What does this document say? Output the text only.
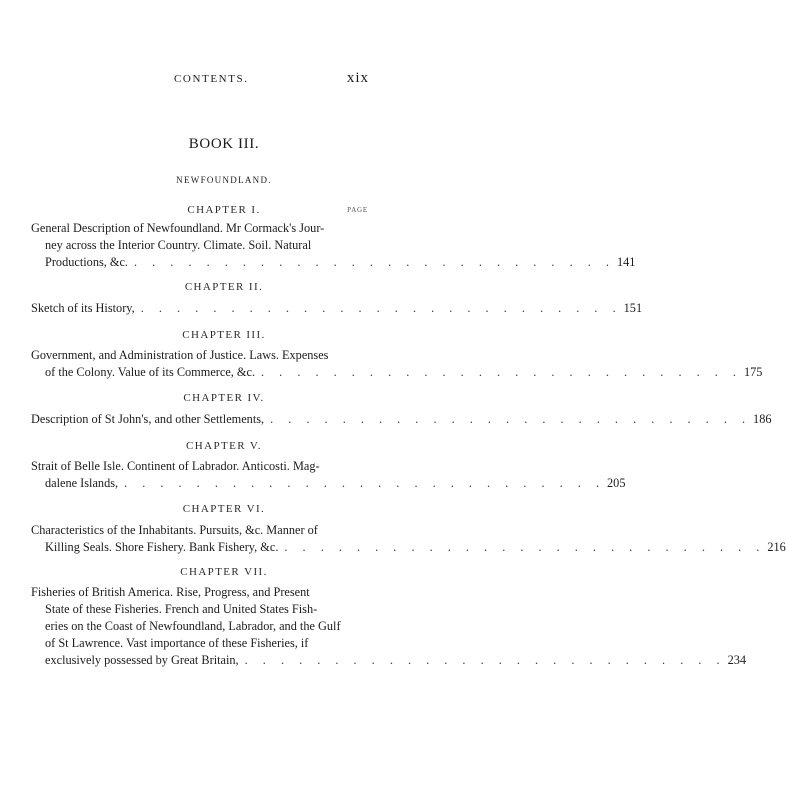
CONTENTS.	xix
BOOK III.
NEWFOUNDLAND.
PAGE
CHAPTER I.
General Description of Newfoundland. Mr Cormack's Jour-
ney across the Interior Country. Climate. Soil. Natural
Productions, &c. . . . . . . . . . . . . . . . . . . . . . . . . . . . 141
CHAPTER II.
Sketch of its History, . . . . . . . . . . . . . . . . . . . . . . . . . . . 151
CHAPTER III.
Government, and Administration of Justice. Laws. Expenses
of the Colony. Value of its Commerce, &c. . . . . . . . . . . . . . . . . . . . . . . . . . . . 175
CHAPTER IV.
Description of St John's, and other Settlements, . . . . . . . . . . . . . . . . . . . . . . . . . . . 186
CHAPTER V.
Strait of Belle Isle. Continent of Labrador. Anticosti. Mag-
dalene Islands, . . . . . . . . . . . . . . . . . . . . . . . . . . . 205
CHAPTER VI.
Characteristics of the Inhabitants. Pursuits, &c. Manner of
Killing Seals. Shore Fishery. Bank Fishery, &c. . . . . . . . . . . . . . . . . . . . . . . . . . . . 216
CHAPTER VII.
Fisheries of British America. Rise, Progress, and Present
State of these Fisheries. French and United States Fish-
eries on the Coast of Newfoundland, Labrador, and the Gulf
of St Lawrence. Vast importance of these Fisheries, if
exclusively possessed by Great Britain, . . . . . . . . . . . . . . . . . . . . . . . . . . . 234
